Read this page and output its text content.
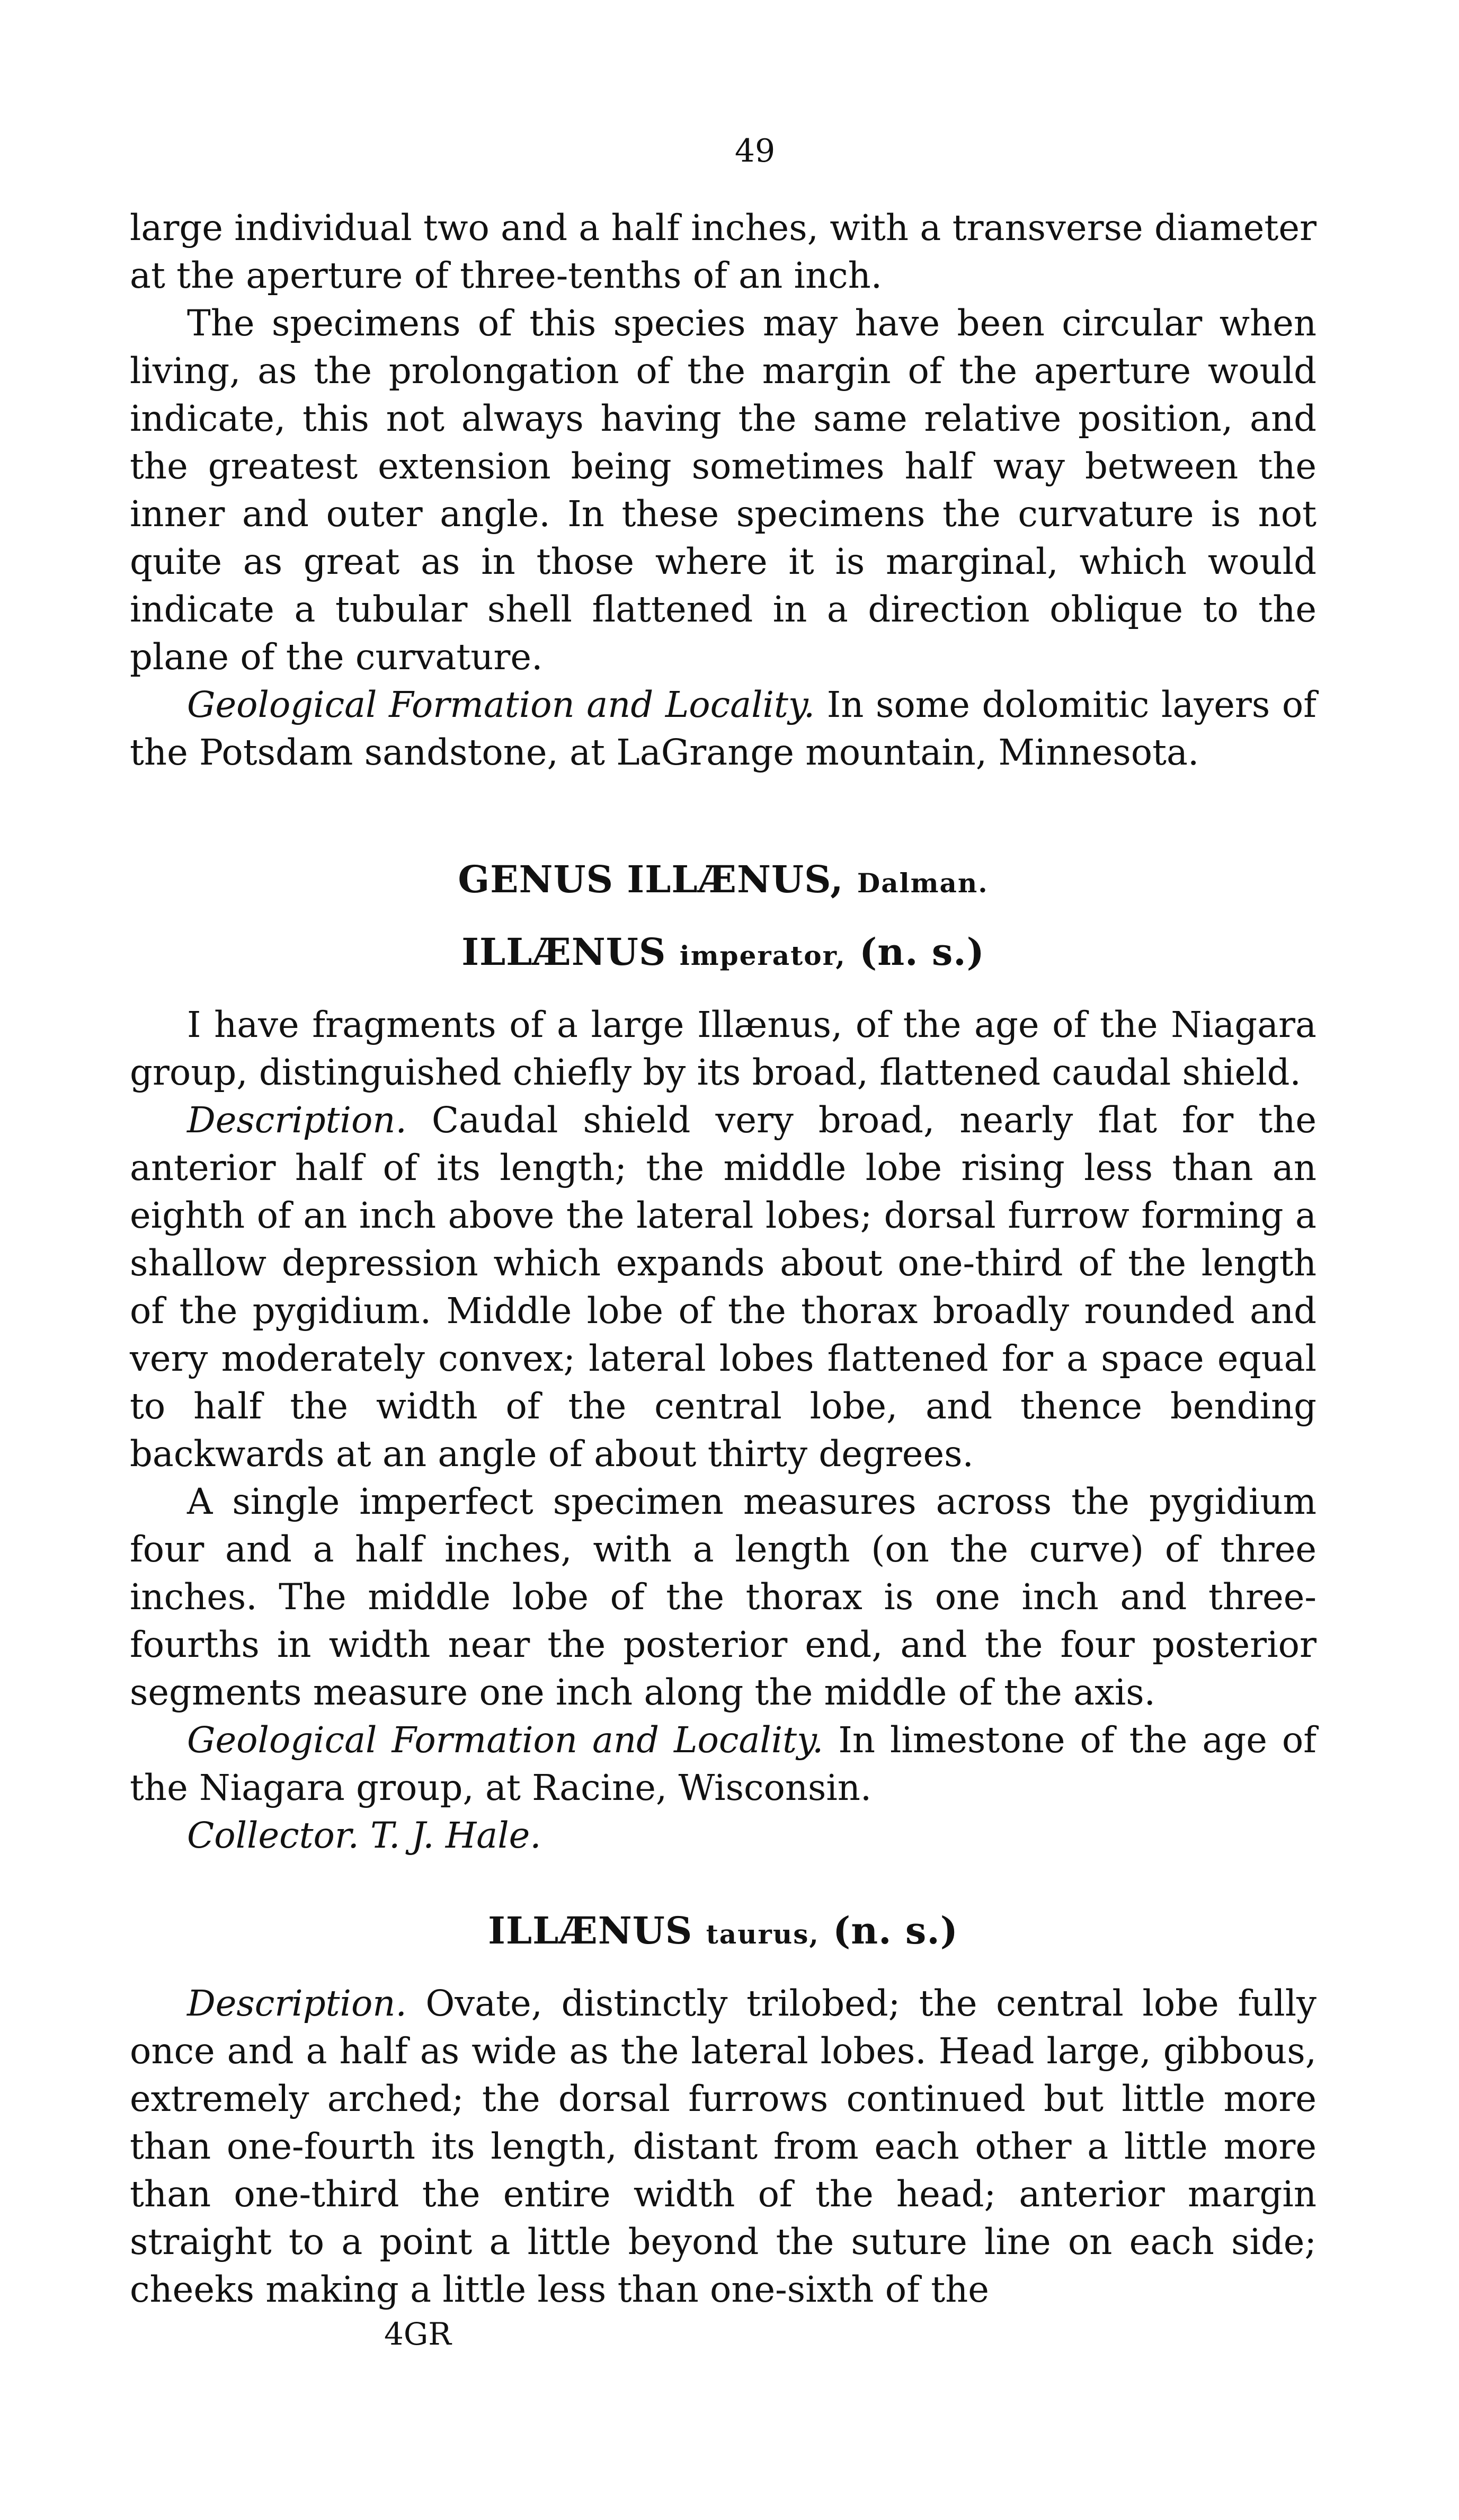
49

large individual two and a half inches, with a transverse diameter at the aperture of three-tenths of an inch.

The specimens of this species may have been circular when living, as the prolongation of the margin of the aperture would indicate, this not always having the same relative position, and the greatest extension being sometimes half way between the inner and outer angle. In these specimens the curvature is not quite as great as in those where it is marginal, which would indicate a tubular shell flattened in a direction oblique to the plane of the curvature.

Geological Formation and Locality. In some dolomitic layers of the Potsdam sandstone, at LaGrange mountain, Minnesota.

GENUS ILLÆNUS, Dalman.
ILLÆNUS imperator, (n. s.)

I have fragments of a large Illænus, of the age of the Niagara group, distinguished chiefly by its broad, flattened caudal shield.

Description. Caudal shield very broad, nearly flat for the anterior half of its length; the middle lobe rising less than an eighth of an inch above the lateral lobes; dorsal furrow forming a shallow depression which expands about one-third of the length of the pygidium. Middle lobe of the thorax broadly rounded and very moderately convex; lateral lobes flattened for a space equal to half the width of the central lobe, and thence bending backwards at an angle of about thirty degrees.

A single imperfect specimen measures across the pygidium four and a half inches, with a length (on the curve) of three inches. The middle lobe of the thorax is one inch and three-fourths in width near the posterior end, and the four posterior segments measure one inch along the middle of the axis.

Geological Formation and Locality. In limestone of the age of the Niagara group, at Racine, Wisconsin.

Collector. T. J. Hale.

ILLÆNUS taurus, (n. s.)

Description. Ovate, distinctly trilobed; the central lobe fully once and a half as wide as the lateral lobes. Head large, gibbous, extremely arched; the dorsal furrows continued but little more than one-fourth its length, distant from each other a little more than one-third the entire width of the head; anterior margin straight to a point a little beyond the suture line on each side; cheeks making a little less than one-sixth of the

4GR
